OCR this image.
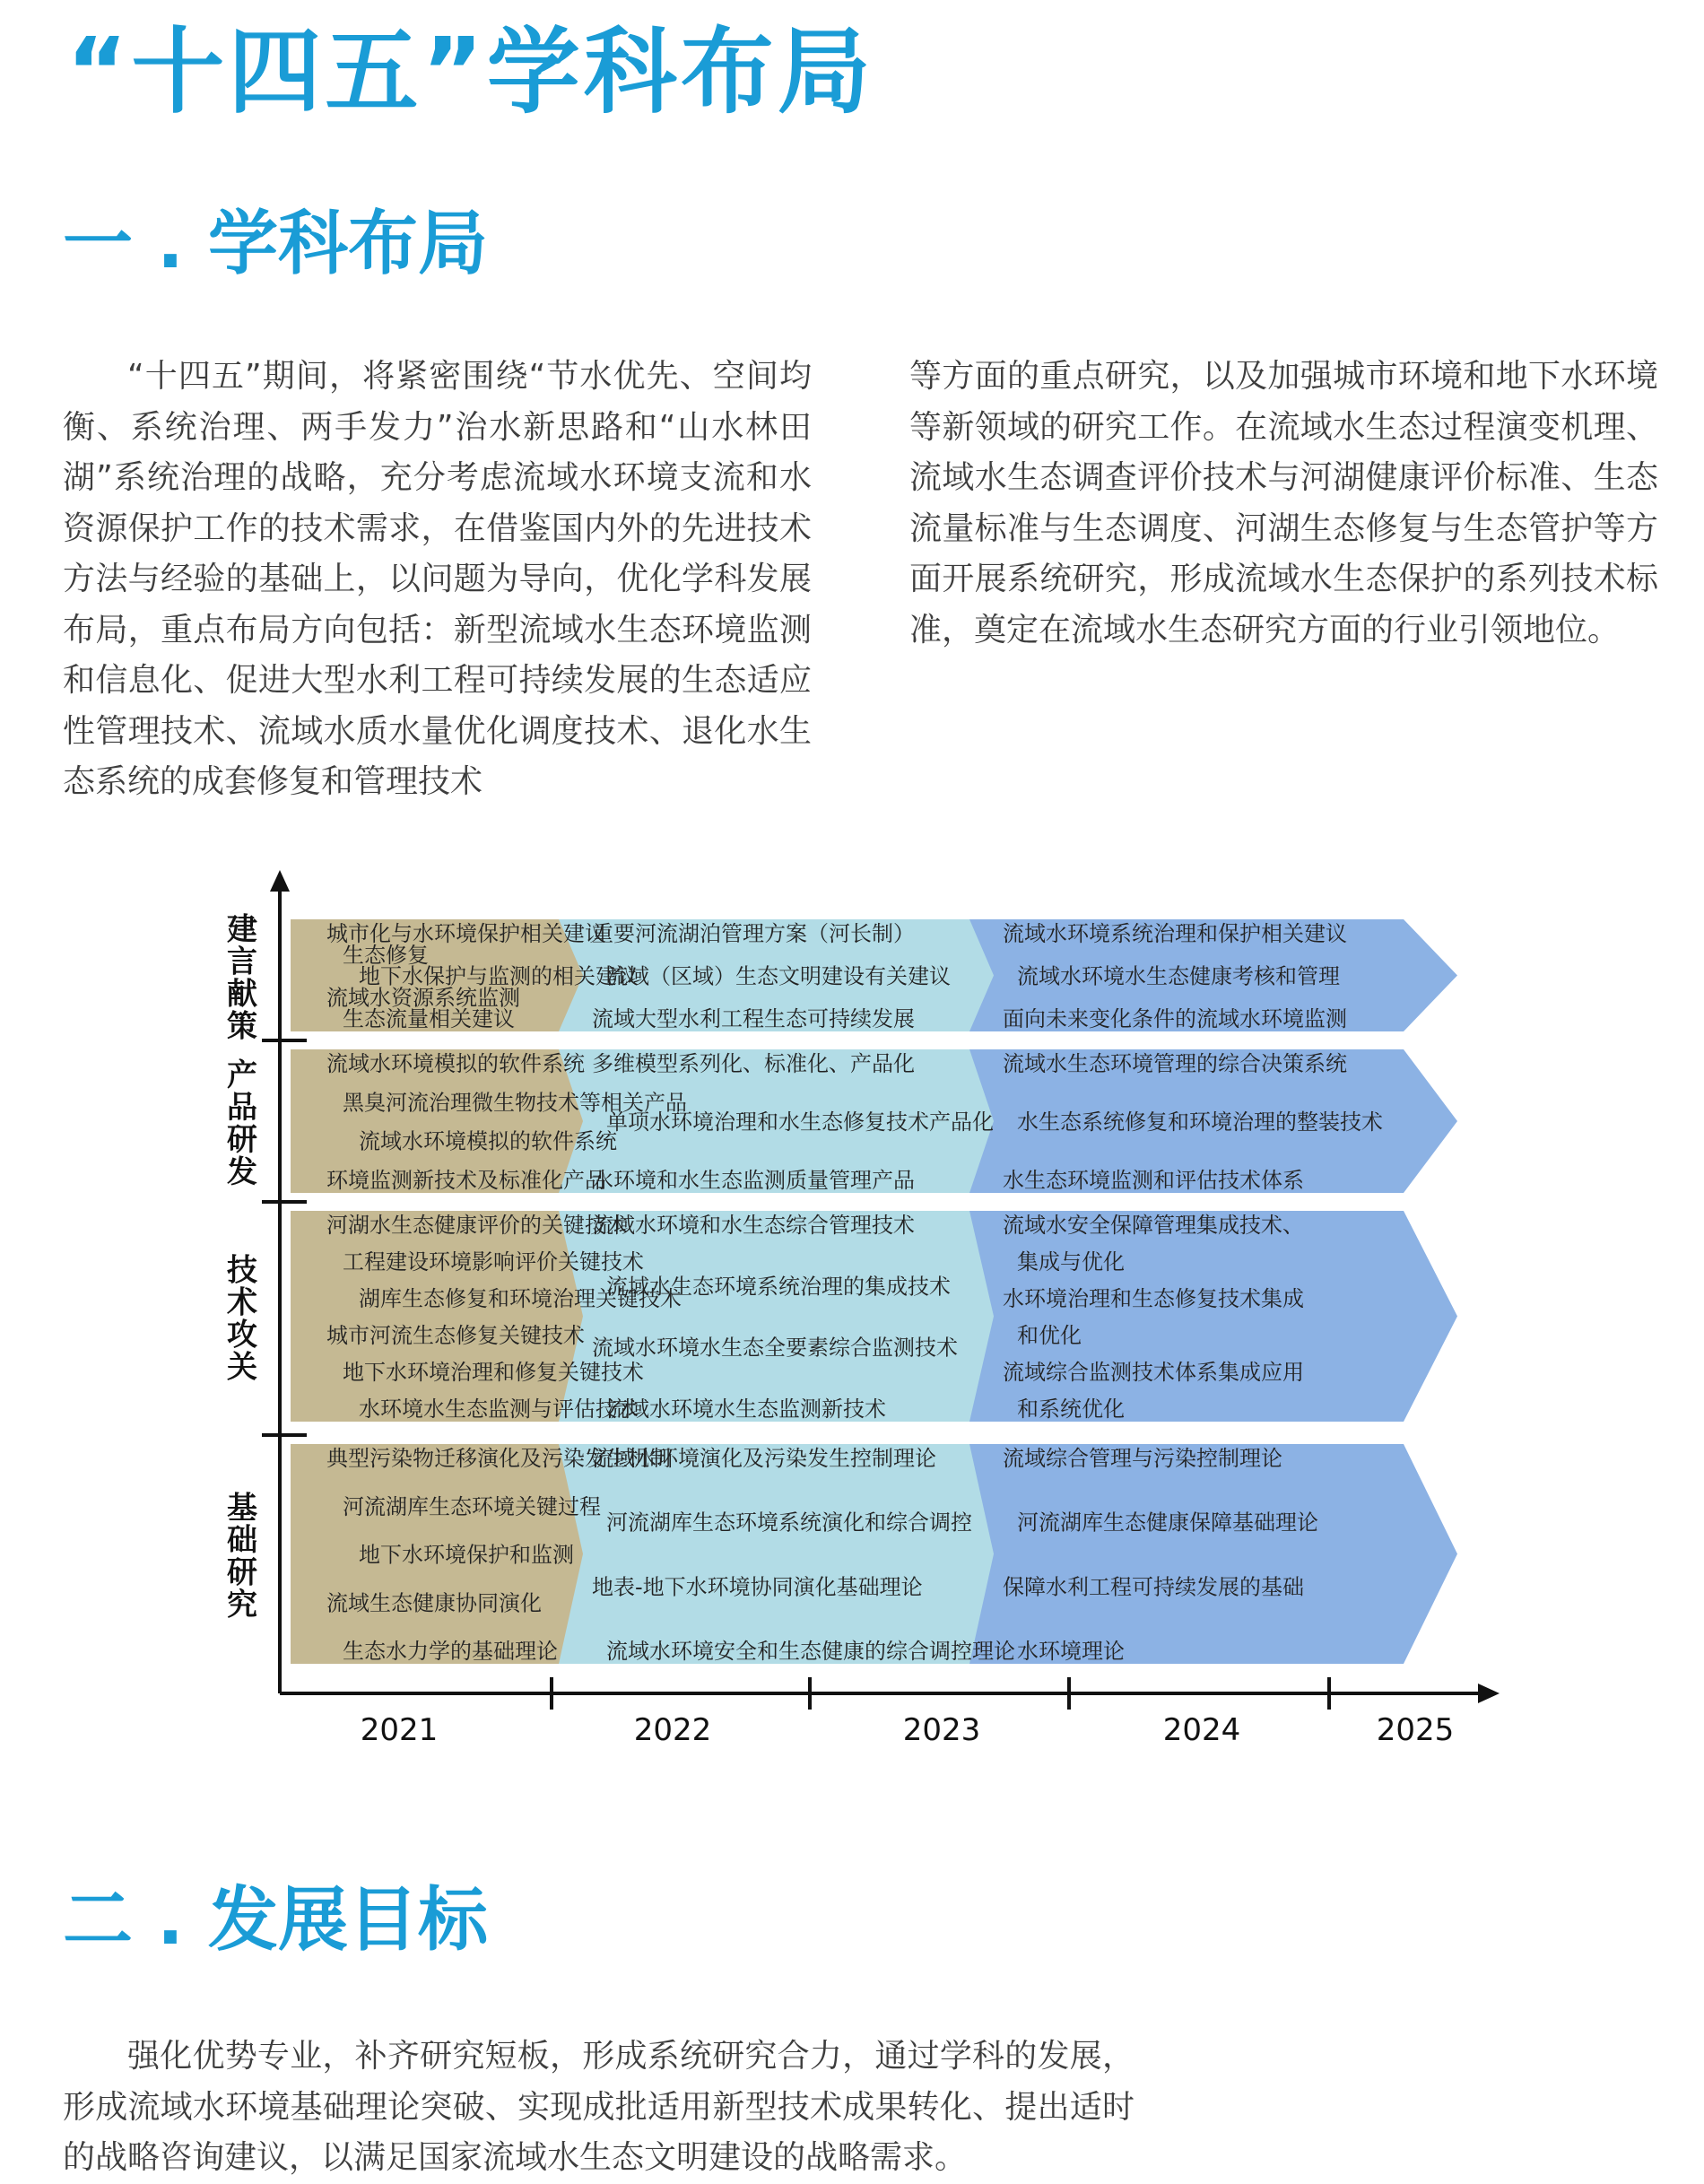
“十四五”学科布局
一 . 学科布局

“十四五”期间，将紧密围绕“节水优先、空间均衡、系统治理、两手发力”治水新思路和“山水林田湖”系统治理的战略，充分考虑流域水环境支流和水资源保护工作的技术需求，在借鉴国内外的先进技术方法与经验的基础上，以问题为导向，优化学科发展布局，重点布局方向包括：新型流域水生态环境监测和信息化、促进大型水利工程可持续发展的生态适应性管理技术、流域水质水量优化调度技术、退化水生态系统的成套修复和管理技术

等方面的重点研究，以及加强城市环境和地下水环境等新领域的研究工作。在流域水生态过程演变机理、流域水生态调查评价技术与河湖健康评价标准、生态流量标准与生态调度、河湖生态修复与生态管护等方面开展系统研究，形成流域水生态保护的系列技术标准，奠定在流域水生态研究方面的行业引领地位。

城市化与水环境保护相关建议
生态修复
地下水保护与监测的相关建议
流域水资源系统监测
生态流量相关建议
重要河流湖泊管理方案（河长制）
流域（区域）生态文明建设有关建议
流域大型水利工程生态可持续发展
流域水环境系统治理和保护相关建议
流域水环境水生态健康考核和管理
面向未来变化条件的流域水环境监测
建
言
献
策
流域水环境模拟的软件系统
黑臭河流治理微生物技术等相关产品
流域水环境模拟的软件系统
环境监测新技术及标准化产品
多维模型系列化、标准化、产品化
单项水环境治理和水生态修复技术产品化
水环境和水生态监测质量管理产品
流域水生态环境管理的综合决策系统
水生态系统修复和环境治理的整装技术
水生态环境监测和评估技术体系
产
品
研
发
河湖水生态健康评价的关键技术
工程建设环境影响评价关键技术
湖库生态修复和环境治理关键技术
城市河流生态修复关键技术
地下水环境治理和修复关键技术
水环境水生态监测与评估技术
流域水环境和水生态综合管理技术
流域水生态环境系统治理的集成技术
流域水环境水生态全要素综合监测技术
流域水环境水生态监测新技术
流域水安全保障管理集成技术、
集成与优化
水环境治理和生态修复技术集成
和优化
流域综合监测技术体系集成应用
和系统优化
技
术
攻
关
典型污染物迁移演化及污染发生机制
河流湖库生态环境关键过程
地下水环境保护和监测
流域生态健康协同演化
生态水力学的基础理论
流域水环境演化及污染发生控制理论
河流湖库生态环境系统演化和综合调控
地表-地下水环境协同演化基础理论
流域水环境安全和生态健康的综合调控理论
流域综合管理与污染控制理论
河流湖库生态健康保障基础理论
保障水利工程可持续发展的基础
水环境理论
基
础
研
究
2021	2022	2023	2024	2025
二 . 发展目标

强化优势专业，补齐研究短板，形成系统研究合力，通过学科的发展，形成流域水环境基础理论突破、实现成批适用新型技术成果转化、提出适时的战略咨询建议，以满足国家流域水生态文明建设的战略需求。
